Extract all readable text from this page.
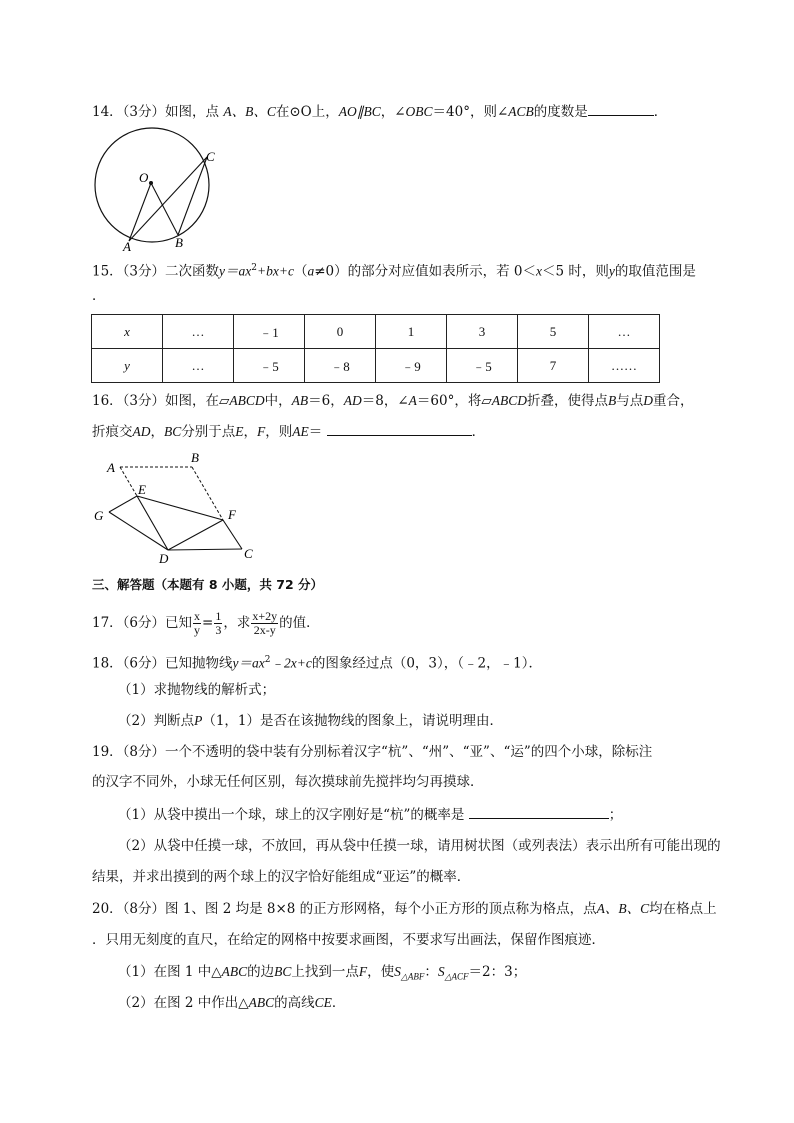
14．（3分）如图，点 A、B、C在⊙O上，AO∥BC，∠OBC＝40°，则∠ACB的度数是	．
O
A	B
C
15．（3分）二次函数$y=ax^2+bx+c(a\ne 0)$的部分对应值如表所示，若 0＜x＜5 时，则y的取值范围是
．
x	…	﹣1	0	1	3	5	…
y	…	﹣5	﹣8	﹣9	﹣5	7	……
16．（3分）如图，在▱ABCD中，AB＝6，AD＝8，∠A＝60°，将▱ABCD折叠，使得点B与点D重合，
折痕交AD，BC分别于点E，F，则AE＝	．
A
B
E
G	F
D	C
三、解答题（本题有 8 小题，共 72 分）
17．（6分）已知 $\frac{x}{y} = \frac{1}{3}$ ，求 $\frac{x+2y}{2x-y}$ 的值．
18．（6分）已知抛物线$y=ax^2﹣2x+c$的图象经过点（0，3），（﹣2，﹣1）．
（1）求抛物线的解析式；
（2）判断点P（1，1）是否在该抛物线的图象上，请说明理由．
19．（8分）一个不透明的袋中装有分别标着汉字“杭”、“州”、“亚”、“运”的四个小球，除标注
的汉字不同外，小球无任何区别，每次摸球前先搅拌均匀再摸球．
（1）从袋中摸出一个球，球上的汉字刚好是“杭”的概率是	；
（2）从袋中任摸一球，不放回，再从袋中任摸一球，请用树状图（或列表法）表示出所有可能出现的
结果，并求出摸到的两个球上的汉字恰好能组成“亚运”的概率．
20．（8分）图 1、图 2 均是 8×8 的正方形网格，每个小正方形的顶点称为格点，点A、B、C均在格点上
．只用无刻度的直尺，在给定的网格中按要求画图，不要求写出画法，保留作图痕迹．
（1）在图 1 中△ABC的边BC上找到一点F，使$S_{\triangle ABF}$：$S_{\triangle ACF}=2$：3；
（2）在图 2 中作出△ABC的高线CE．
